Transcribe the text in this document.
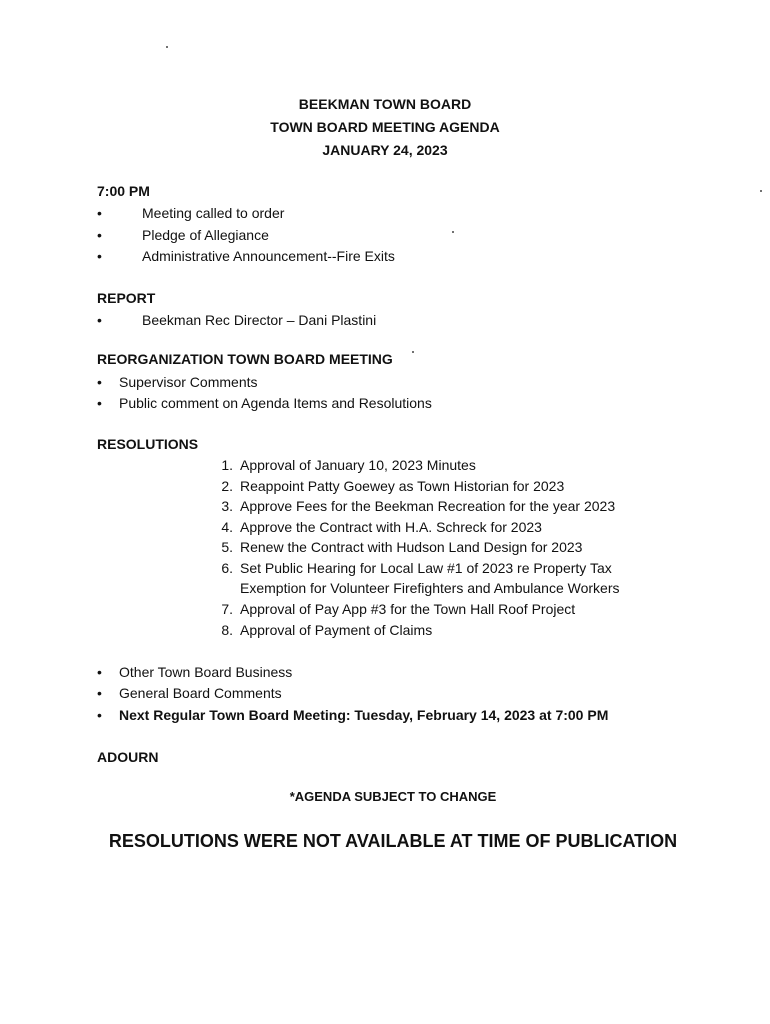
BEEKMAN TOWN BOARD
TOWN BOARD MEETING AGENDA
JANUARY 24, 2023
7:00 PM
•	Meeting called to order
•	Pledge of Allegiance
•	Administrative Announcement--Fire Exits
REPORT
•	Beekman Rec Director – Dani Plastini
REORGANIZATION TOWN BOARD MEETING
• Supervisor Comments
• Public comment on Agenda Items and Resolutions
RESOLUTIONS
1. Approval of January 10, 2023 Minutes
2. Reappoint Patty Goewey as Town Historian for 2023
3. Approve Fees for the Beekman Recreation for the year 2023
4. Approve the Contract with H.A. Schreck for 2023
5. Renew the Contract with Hudson Land Design for 2023
6. Set Public Hearing for Local Law #1 of 2023 re Property Tax
Exemption for Volunteer Firefighters and Ambulance Workers
7. Approval of Pay App #3 for the Town Hall Roof Project
8. Approval of Payment of Claims
• Other Town Board Business
• General Board Comments
• Next Regular Town Board Meeting: Tuesday, February 14, 2023 at 7:00 PM
ADOURN
*AGENDA SUBJECT TO CHANGE
RESOLUTIONS WERE NOT AVAILABLE AT TIME OF PUBLICATION
